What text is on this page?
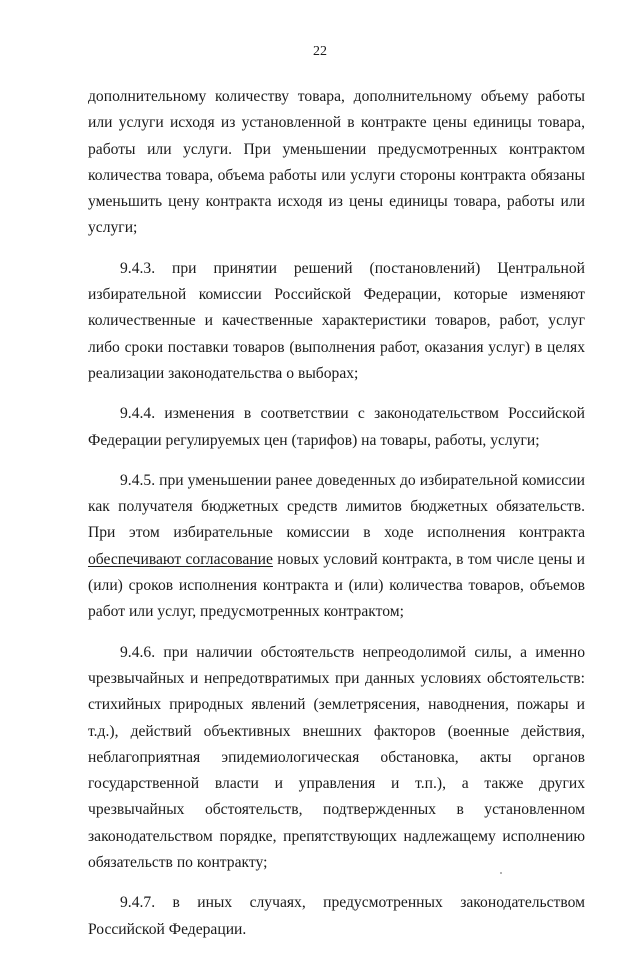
22

дополнительному количеству товара, дополнительному объему работы или услуги исходя из установленной в контракте цены единицы товара, работы или услуги. При уменьшении предусмотренных контрактом количества товара, объема работы или услуги стороны контракта обязаны уменьшить цену контракта исходя из цены единицы товара, работы или услуги;

9.4.3. при принятии решений (постановлений) Центральной избирательной комиссии Российской Федерации, которые изменяют количественные и качественные характеристики товаров, работ, услуг либо сроки поставки товаров (выполнения работ, оказания услуг) в целях реализации законодательства о выборах;

9.4.4. изменения в соответствии с законодательством Российской Федерации регулируемых цен (тарифов) на товары, работы, услуги;

9.4.5. при уменьшении ранее доведенных до избирательной комиссии как получателя бюджетных средств лимитов бюджетных обязательств. При этом избирательные комиссии в ходе исполнения контракта обеспечивают согласование новых условий контракта, в том числе цены и (или) сроков исполнения контракта и (или) количества товаров, объемов работ или услуг, предусмотренных контрактом;

9.4.6. при наличии обстоятельств непреодолимой силы, а именно чрезвычайных и непредотвратимых при данных условиях обстоятельств: стихийных природных явлений (землетрясения, наводнения, пожары и т.д.), действий объективных внешних факторов (военные действия, неблагоприятная эпидемиологическая обстановка, акты органов государственной власти и управления и т.п.), а также других чрезвычайных обстоятельств, подтвержденных в установленном законодательством порядке, препятствующих надлежащему исполнению обязательств по контракту;

9.4.7. в иных случаях, предусмотренных законодательством Российской Федерации.
